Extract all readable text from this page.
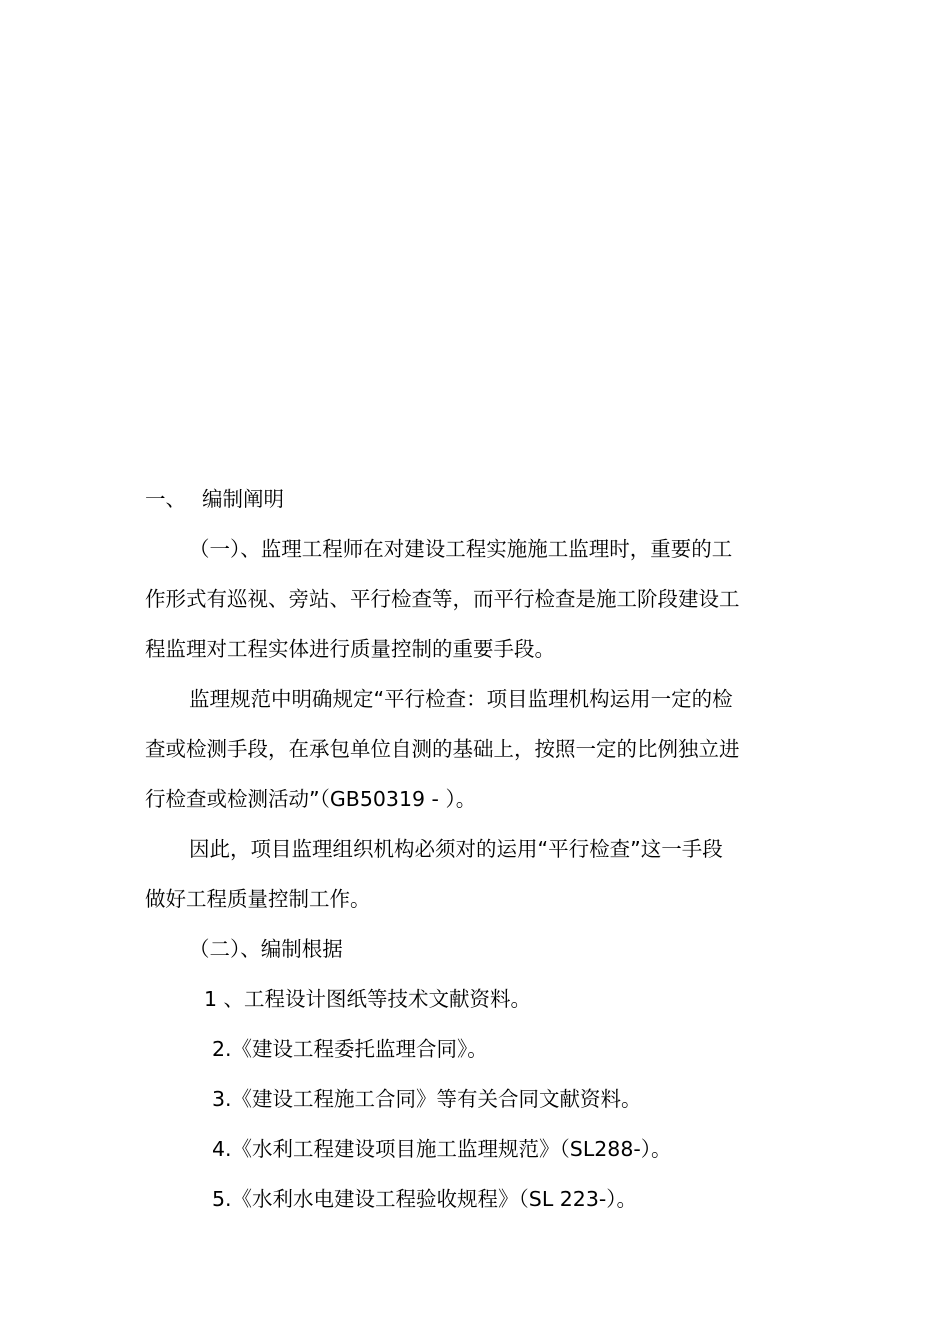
一、 编制阐明
（一）、监理工程师在对建设工程实施施工监理时，重要的工
作形式有巡视、旁站、平行检查等，而平行检查是施工阶段建设工
程监理对工程实体进行质量控制的重要手段。
监理规范中明确规定“平行检查：项目监理机构运用一定的检
查或检测手段，在承包单位自测的基础上，按照一定的比例独立进
行检查或检测活动”（GB50319 - ）。
因此，项目监理组织机构必须对的运用“平行检查”这一手段
做好工程质量控制工作。
（二）、编制根据
1 、工程设计图纸等技术文献资料。
2.《建设工程委托监理合同》。
3.《建设工程施工合同》等有关合同文献资料。
4.《水利工程建设项目施工监理规范》（SL288-）。
5.《水利水电建设工程验收规程》（SL 223-）。
